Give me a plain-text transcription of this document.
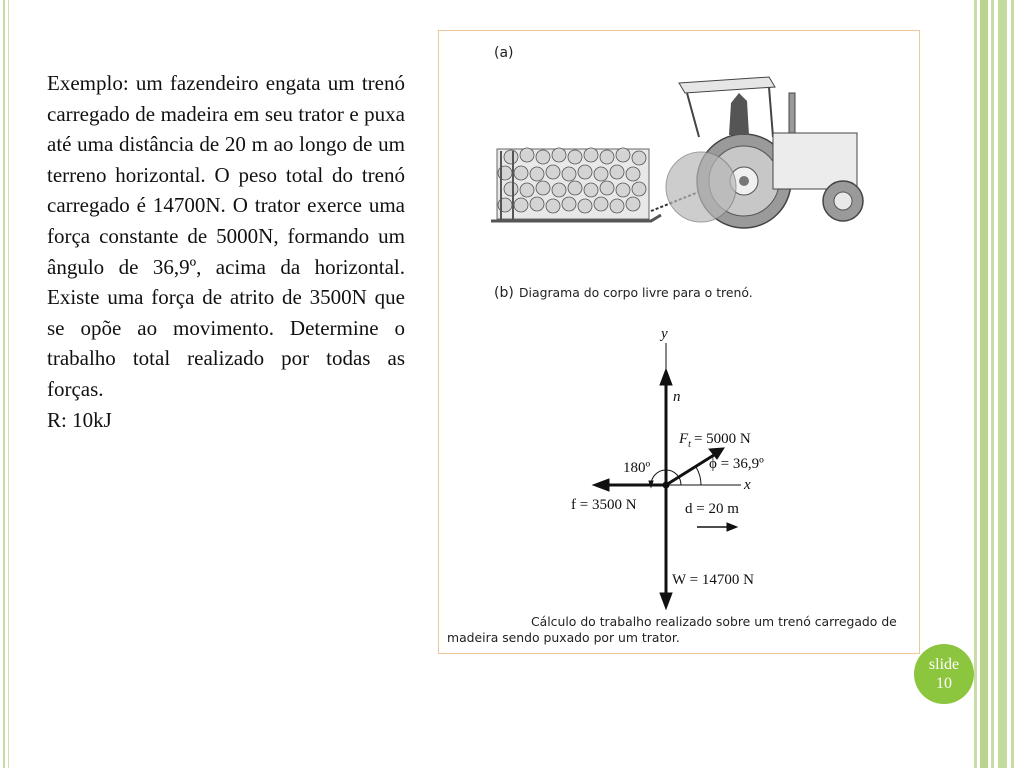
Exemplo: um fazendeiro engata um trenó carregado de madeira em seu trator e puxa até uma distância de 20 m ao longo de um terreno horizontal. O peso total do trenó carregado é 14700N. O trator exerce uma força constante de 5000N, formando um ângulo de 36,9º, acima da horizontal. Existe uma força de atrito de 3500N que se opõe ao movimento. Determine o trabalho total realizado por todas as forças.

R: 10kJ

(a)
(b) Diagrama do corpo livre para o trenó.
y
x
n
$F_t = 5000$ N
ϕ = 36,9º
180º
f = 3500 N	d = 20 m
W = 14700 N
Cálculo do trabalho realizado sobre um trenó carregado de
madeira sendo puxado por um trator.
slide
10
